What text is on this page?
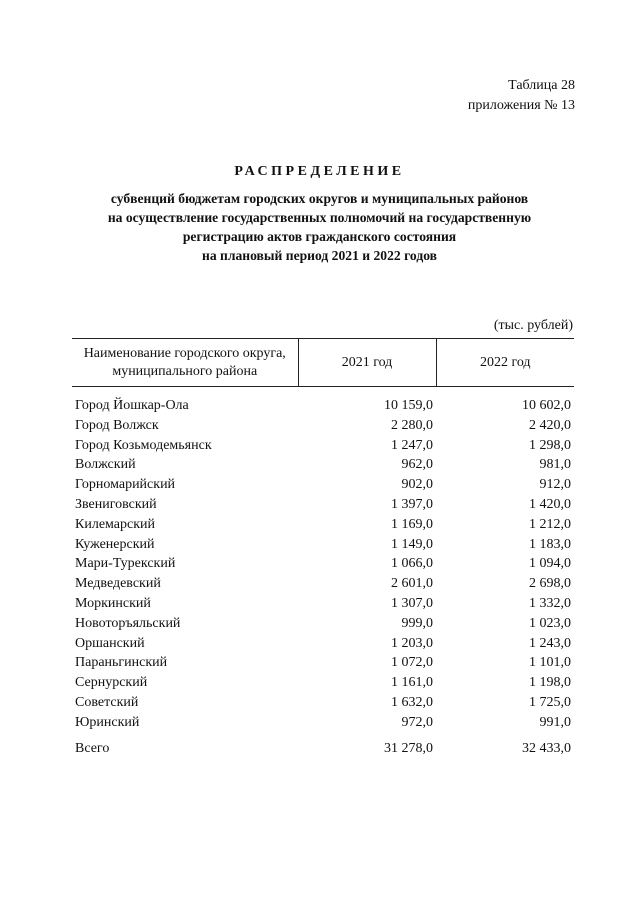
Таблица 28
приложения № 13
РАСПРЕДЕЛЕНИЕ
субвенций бюджетам городских округов и муниципальных районов
на осуществление государственных полномочий на государственную
регистрацию актов гражданского состояния
на плановый период 2021 и 2022 годов
(тыс. рублей)
Наименование городского округа, муниципального района	2021 год	2022 год

Город Йошкар-Ола	10 159,0	10 602,0
Город Волжск	2 280,0	2 420,0
Город Козьмодемьянск	1 247,0	1 298,0
Волжский	962,0	981,0
Горномарийский	902,0	912,0
Звениговский	1 397,0	1 420,0
Килемарский	1 169,0	1 212,0
Куженерский	1 149,0	1 183,0
Мари-Турекский	1 066,0	1 094,0
Медведевский	2 601,0	2 698,0
Моркинский	1 307,0	1 332,0
Новоторъяльский	999,0	1 023,0
Оршанский	1 203,0	1 243,0
Параньгинский	1 072,0	1 101,0
Сернурский	1 161,0	1 198,0
Советский	1 632,0	1 725,0
Юринский	972,0	991,0

Всего	31 278,0	32 433,0
